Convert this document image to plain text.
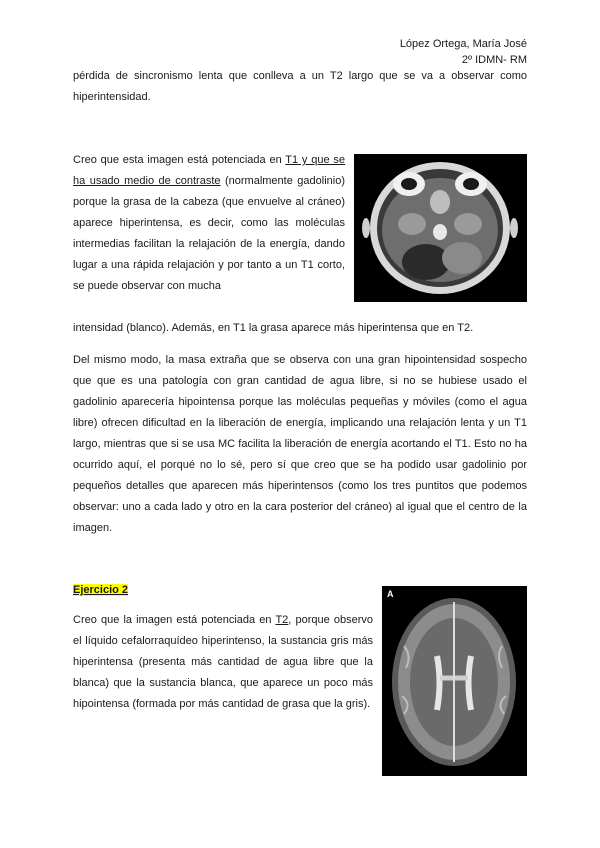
López Ortega, María José
2º IDMN- RM
pérdida de sincronismo lenta que conlleva a un T2 largo que se va a observar como hiperintensidad.
Creo que esta imagen está potenciada en T1 y que se ha usado medio de contraste (normalmente gadolinio) porque la grasa de la cabeza (que envuelve al cráneo) aparece hiperintensa, es decir, como las moléculas intermedias facilitan la relajación de la energía, dando lugar a una rápida relajación y por tanto a un T1 corto, se puede observar con mucha
intensidad (blanco). Además, en T1 la grasa aparece más hiperintensa que en T2.
Del mismo modo, la masa extraña que se observa con una gran hipointensidad sospecho que que es una patología con gran cantidad de agua libre, si no se hubiese usado el gadolinio aparecería hipointensa porque las moléculas pequeñas y móviles (como el agua libre) ofrecen dificultad en la liberación de energía, implicando una relajación lenta y un T1 largo, mientras que si se usa MC facilita la liberación de energía acortando el T1. Esto no ha ocurrido aquí, el porqué no lo sé, pero sí que creo que se ha podido usar gadolinio por pequeños detalles que aparecen más hiperintensos (como los tres puntitos que podemos observar: uno a cada lado y otro en la cara posterior del cráneo) al igual que el centro de la imagen.
Ejercicio 2
Creo que la imagen está potenciada en T2, porque observo el líquido cefalorraquídeo hiperintenso, la sustancia gris más hiperintensa (presenta más cantidad de agua libre que la blanca) que la sustancia blanca, que aparece un poco más hipointensa (formada por más cantidad de grasa que la gris).
A
